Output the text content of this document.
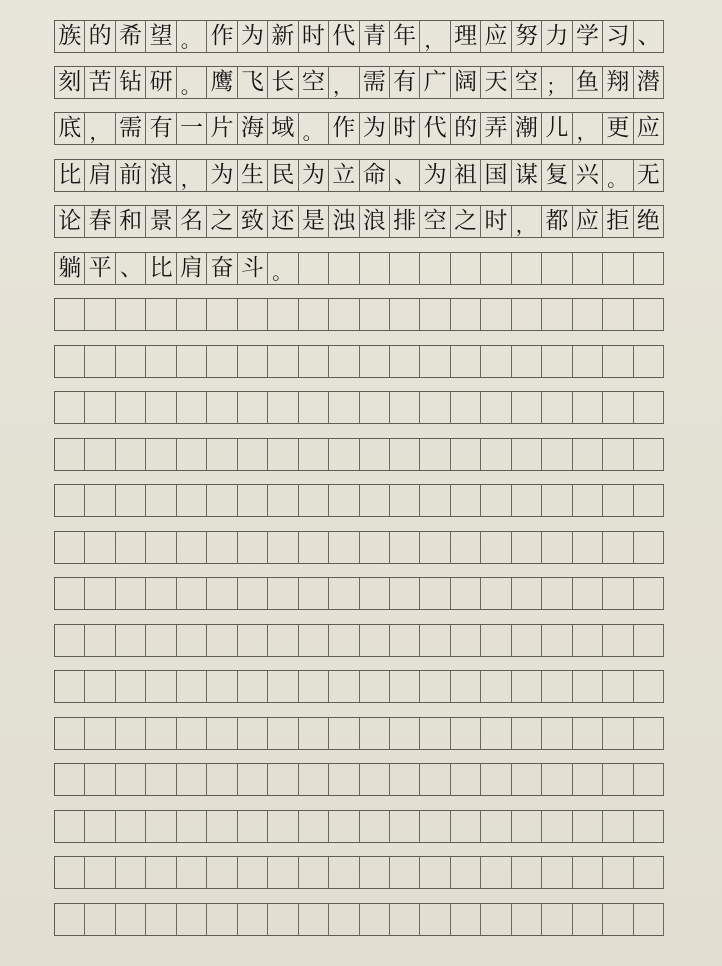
族 的 希 望 。 作 为 新 时 代 青 年 ， 理 应 努 力 学 习 、
刻 苦 钻 研 。 鹰 飞 长 空 ， 需 有 广 阔 天 空 ； 鱼 翔 潜
底 ， 需 有 一 片 海 域 。 作 为 时 代 的 弄 潮 儿 ， 更 应
比 肩 前 浪 ， 为 生 民 为 立 命 、 为 祖 国 谋 复 兴 。 无
论 春 和 景 名 之 致 还 是 浊 浪 排 空 之 时 ， 都 应 拒 绝
躺 平 、 比 肩 奋 斗 。
